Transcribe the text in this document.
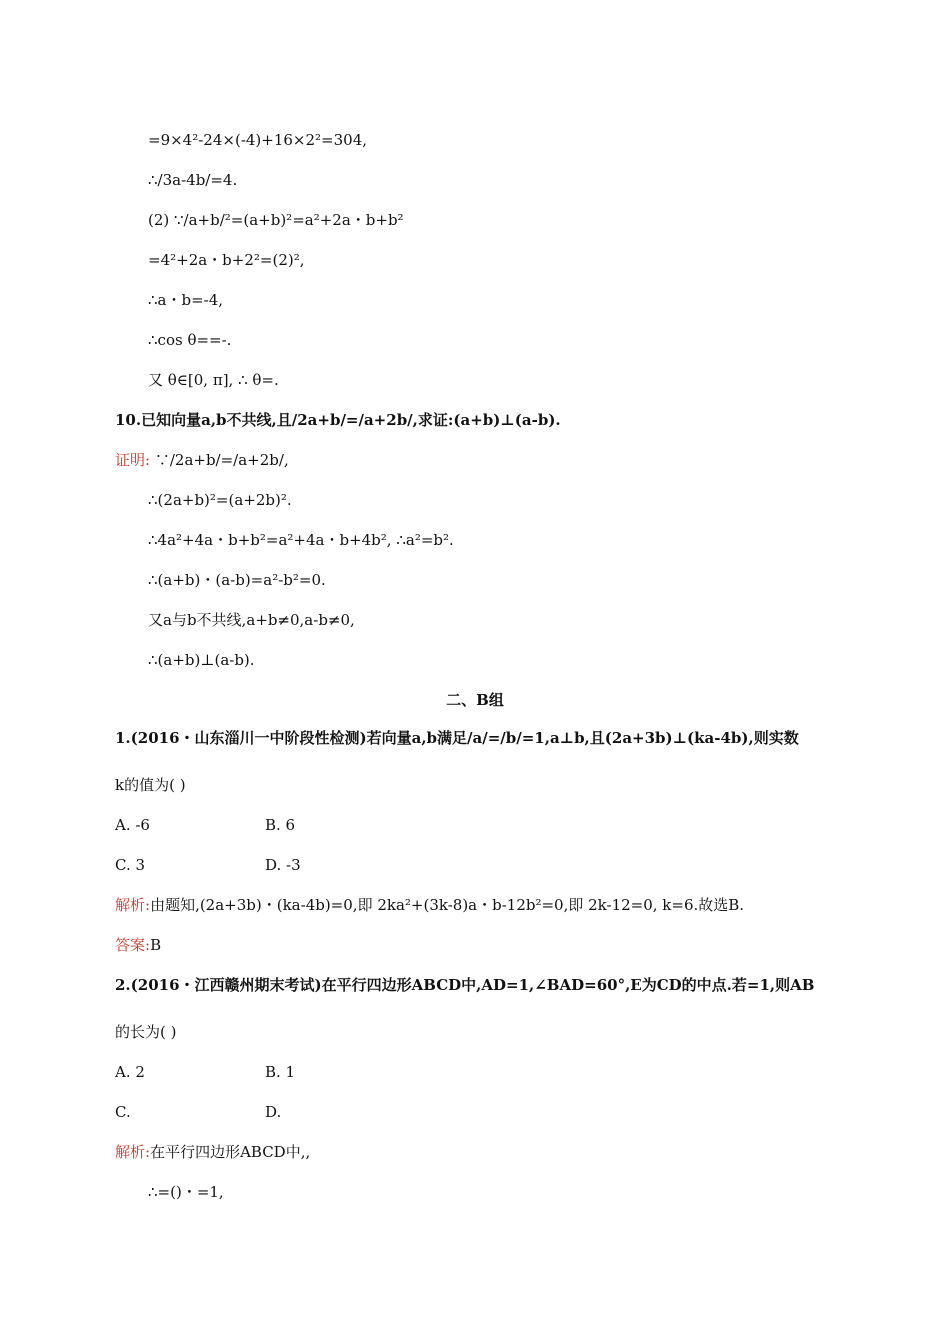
=9×4²-24×(-4)+16×2²=304,
∴/3a-4b/=4.
(2) ∵/a+b/²=(a+b)²=a²+2a・b+b²
=4²+2a・b+2²=(2)²,
∴a・b=-4,
∴cos θ==-.
又 θ∈[0, π], ∴ θ=.
10.已知向量a,b不共线,且/2a+b/=/a+2b/,求证:(a+b)⊥(a-b).
证明: ∵/2a+b/=/a+2b/,
∴(2a+b)²=(a+2b)².
∴4a²+4a・b+b²=a²+4a・b+4b², ∴a²=b².
∴(a+b)・(a-b)=a²-b²=0.
又a与b不共线,a+b≠0,a-b≠0,
∴(a+b)⊥(a-b).
二、B组
1.(2016・山东淄川一中阶段性检测)若向量a,b满足/a/=/b/=1,a⊥b,且(2a+3b)⊥(ka-4b),则实数
k的值为( )
A. -6	B. 6
C. 3	D. -3
解析:由题知,(2a+3b)・(ka-4b)=0,即 2ka²+(3k-8)a・b-12b²=0,即 2k-12=0, k=6.故选B.
答案:B
2.(2016・江西赣州期末考试)在平行四边形ABCD中,AD=1,∠BAD=60°,E为CD的中点.若=1,则AB
的长为( )
A. 2	B. 1
C.	D.
解析:在平行四边形ABCD中,,
∴=()・=1,
